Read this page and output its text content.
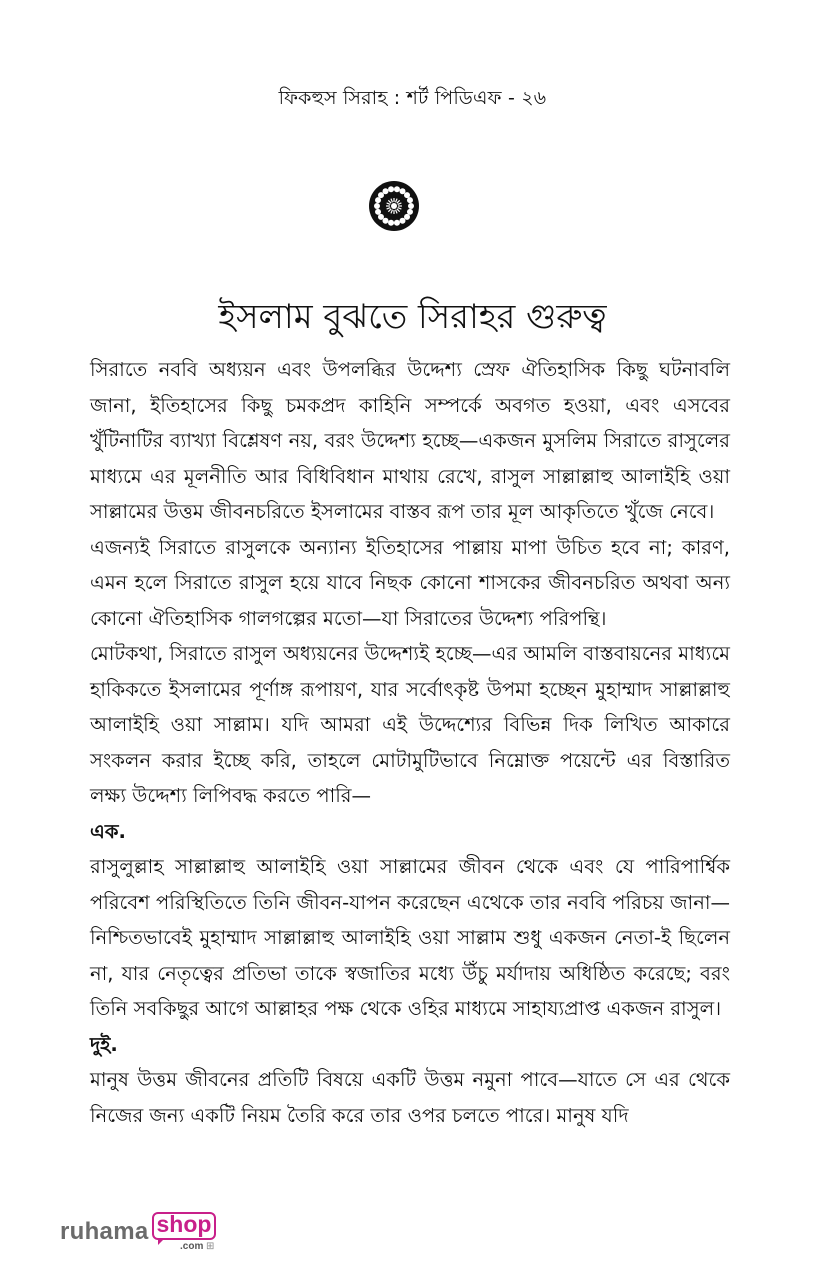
ফিকহুস সিরাহ : শর্ট পিডিএফ - ২৬
ইসলাম বুঝতে সিরাহর গুরুত্ব

সিরাতে নববি অধ্যয়ন এবং উপলব্ধির উদ্দেশ্য স্রেফ ঐতিহাসিক কিছু ঘটনাবলি জানা, ইতিহাসের কিছু চমকপ্রদ কাহিনি সম্পর্কে অবগত হওয়া, এবং এসবের খুঁটিনাটির ব্যাখ্যা বিশ্লেষণ নয়, বরং উদ্দেশ্য হচ্ছে—একজন মুসলিম সিরাতে রাসুলের মাধ্যমে এর মূলনীতি আর বিধিবিধান মাথায় রেখে, রাসুল সাল্লাল্লাহু আলাইহি ওয়া সাল্লামের উত্তম জীবনচরিতে ইসলামের বাস্তব রূপ তার মূল আকৃতিতে খুঁজে নেবে।

এজন্যই সিরাতে রাসুলকে অন্যান্য ইতিহাসের পাল্লায় মাপা উচিত হবে না; কারণ, এমন হলে সিরাতে রাসুল হয়ে যাবে নিছক কোনো শাসকের জীবনচরিত অথবা অন্য কোনো ঐতিহাসিক গালগল্পের মতো—যা সিরাতের উদ্দেশ্য পরিপন্থি।

মোটকথা, সিরাতে রাসুল অধ্যয়নের উদ্দেশ্যই হচ্ছে—এর আমলি বাস্তবায়নের মাধ্যমে হাকিকতে ইসলামের পূর্ণাঙ্গ রূপায়ণ, যার সর্বোৎকৃষ্ট উপমা হচ্ছেন মুহাম্মাদ সাল্লাল্লাহু আলাইহি ওয়া সাল্লাম। যদি আমরা এই উদ্দেশ্যের বিভিন্ন দিক লিখিত আকারে সংকলন করার ইচ্ছে করি, তাহলে মোটামুটিভাবে নিম্নোক্ত পয়েন্টে এর বিস্তারিত লক্ষ্য উদ্দেশ্য লিপিবদ্ধ করতে পারি—

এক.

রাসুলুল্লাহ সাল্লাল্লাহু আলাইহি ওয়া সাল্লামের জীবন থেকে এবং যে পারিপার্শ্বিক পরিবেশ পরিস্থিতিতে তিনি জীবন-যাপন করেছেন এথেকে তার নববি পরিচয় জানা—নিশ্চিতভাবেই মুহাম্মাদ সাল্লাল্লাহু আলাইহি ওয়া সাল্লাম শুধু একজন নেতা-ই ছিলেন না, যার নেতৃত্বের প্রতিভা তাকে স্বজাতির মধ্যে উঁচু মর্যাদায় অধিষ্ঠিত করেছে; বরং তিনি সবকিছুর আগে আল্লাহর পক্ষ থেকে ওহির মাধ্যমে সাহায্যপ্রাপ্ত একজন রাসুল।

দুই.

মানুষ উত্তম জীবনের প্রতিটি বিষয়ে একটি উত্তম নমুনা পাবে—যাতে সে এর থেকে নিজের জন্য একটি নিয়ম তৈরি করে তার ওপর চলতে পারে। মানুষ যদি

ruhama shop
.com ⊞
